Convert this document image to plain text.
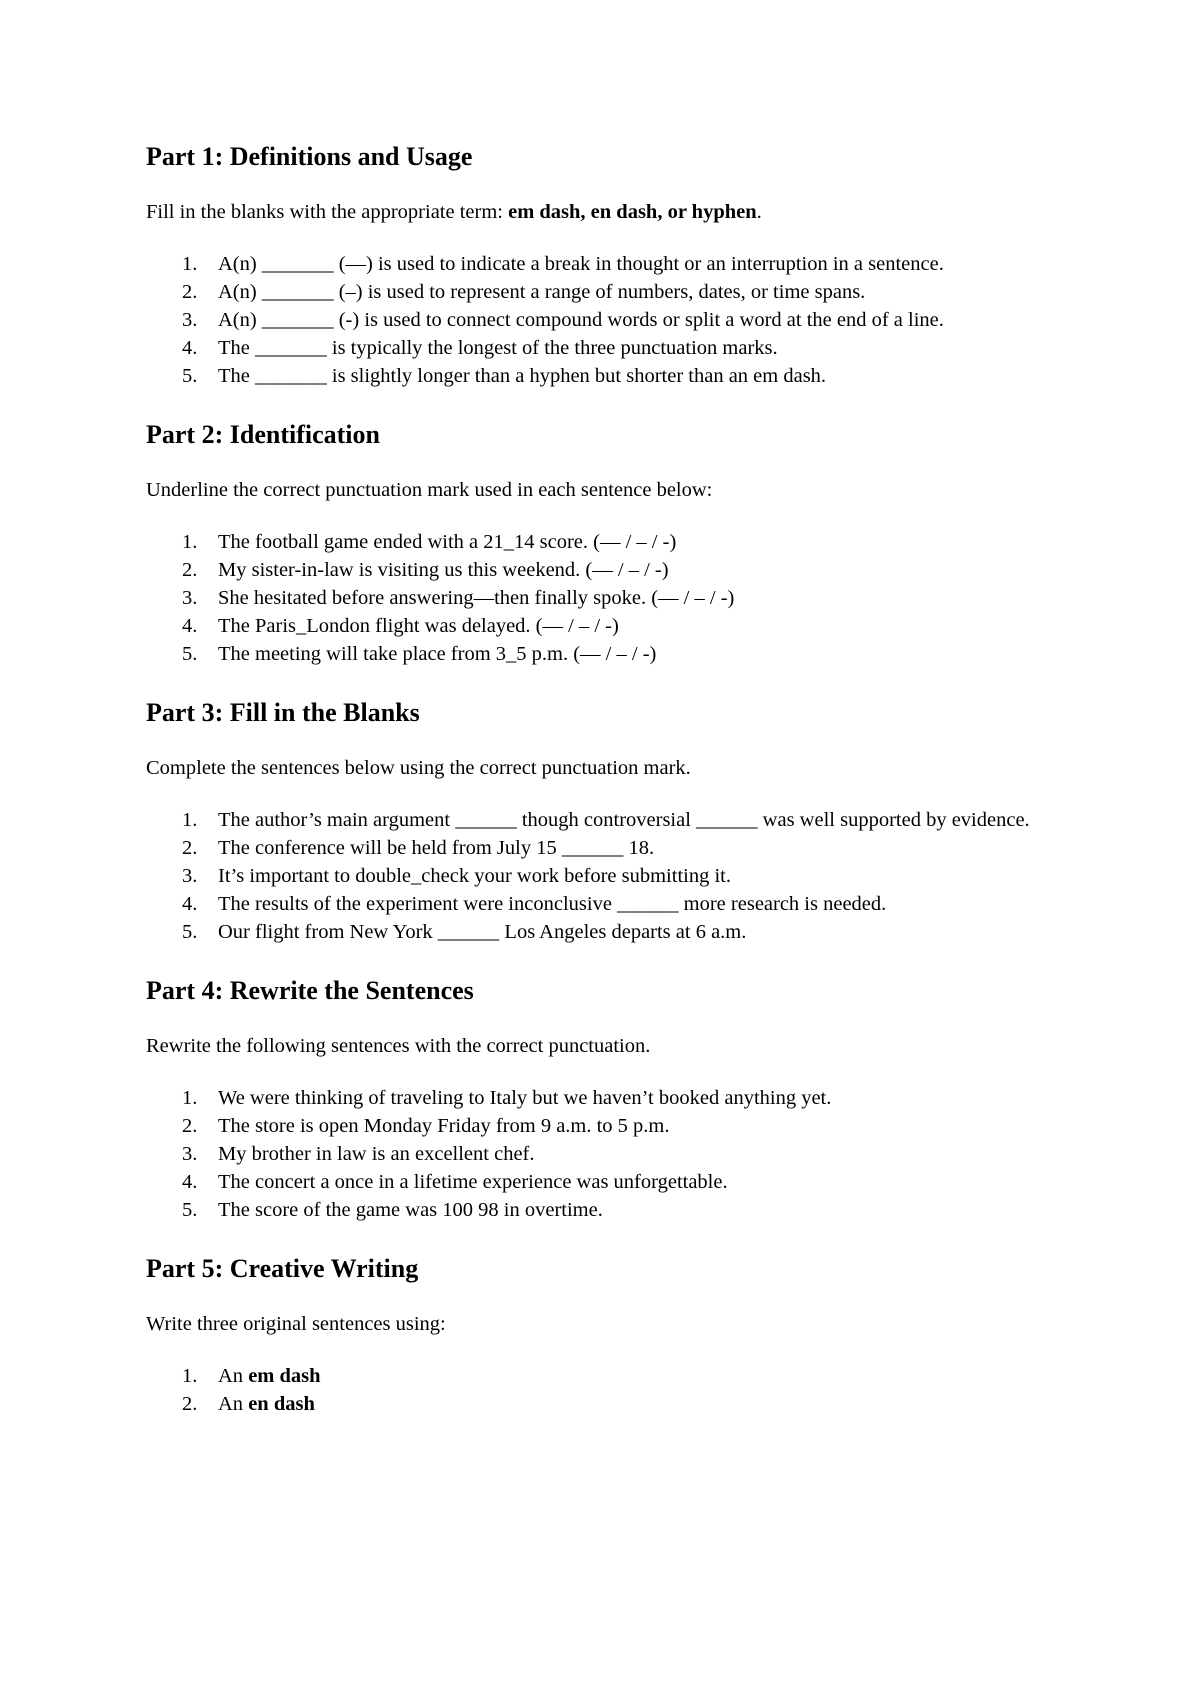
Part 1: Definitions and Usage
Fill in the blanks with the appropriate term: em dash, en dash, or hyphen.
1.	A(n) _______ (—) is used to indicate a break in thought or an interruption in a sentence.
2.	A(n) _______ (–) is used to represent a range of numbers, dates, or time spans.
3.	A(n) _______ (-) is used to connect compound words or split a word at the end of a line.
4.	The _______ is typically the longest of the three punctuation marks.
5.	The _______ is slightly longer than a hyphen but shorter than an em dash.
Part 2: Identification
Underline the correct punctuation mark used in each sentence below:
1.	The football game ended with a 21_14 score. (— / – / -)
2.	My sister-in-law is visiting us this weekend. (— / – / -)
3.	She hesitated before answering—then finally spoke. (— / – / -)
4.	The Paris_London flight was delayed. (— / – / -)
5.	The meeting will take place from 3_5 p.m. (— / – / -)
Part 3: Fill in the Blanks
Complete the sentences below using the correct punctuation mark.
1.	The author’s main argument ______ though controversial ______ was well supported by evidence.
2.	The conference will be held from July 15 ______ 18.
3.	It’s important to double_check your work before submitting it.
4.	The results of the experiment were inconclusive ______ more research is needed.
5.	Our flight from New York ______ Los Angeles departs at 6 a.m.
Part 4: Rewrite the Sentences
Rewrite the following sentences with the correct punctuation.
1.	We were thinking of traveling to Italy but we haven’t booked anything yet.
2.	The store is open Monday Friday from 9 a.m. to 5 p.m.
3.	My brother in law is an excellent chef.
4.	The concert a once in a lifetime experience was unforgettable.
5.	The score of the game was 100 98 in overtime.
Part 5: Creative Writing
Write three original sentences using:
1.	An em dash
2.	An en dash
